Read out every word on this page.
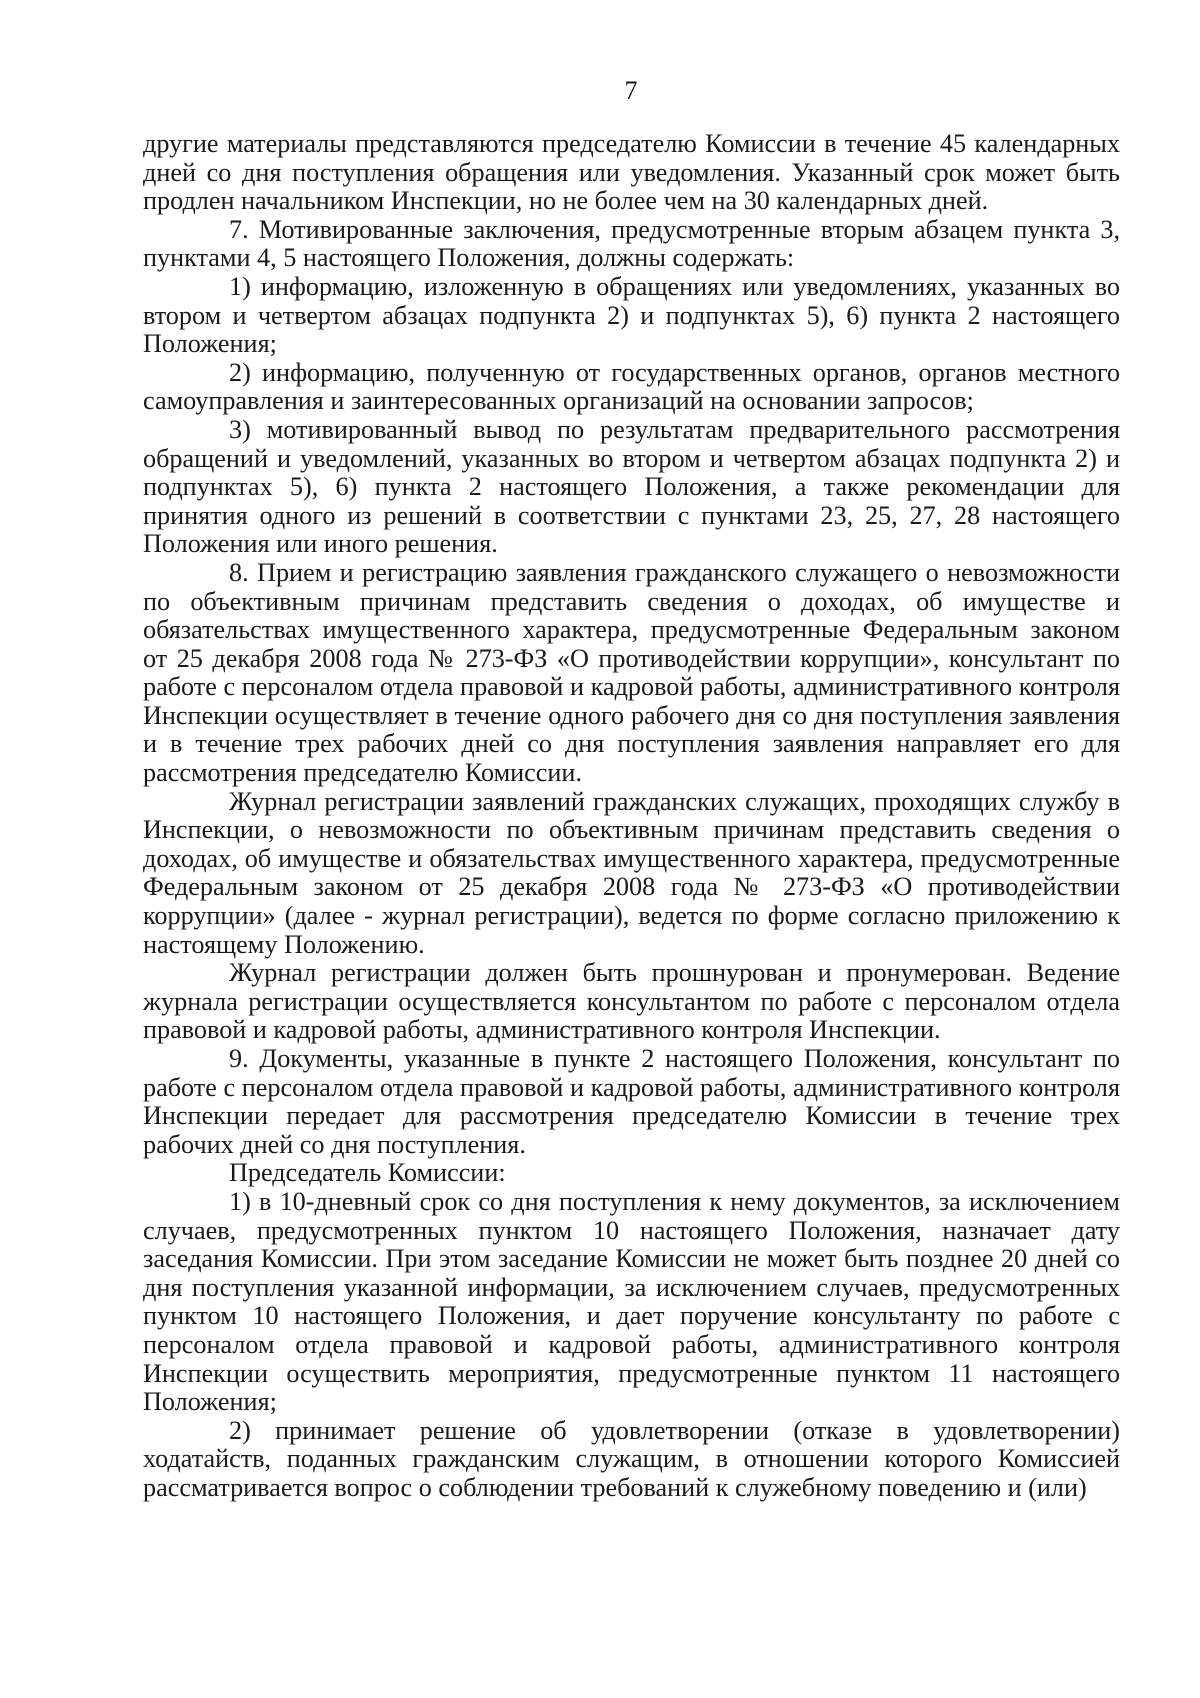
7

другие материалы представляются председателю Комиссии в течение 45 календарных дней со дня поступления обращения или уведомления. Указанный срок может быть продлен начальником Инспекции, но не более чем на 30 календарных дней.

7. Мотивированные заключения, предусмотренные вторым абзацем пункта 3, пунктами 4, 5 настоящего Положения, должны содержать:

1) информацию, изложенную в обращениях или уведомлениях, указанных во втором и четвертом абзацах подпункта 2) и подпунктах 5), 6) пункта 2 настоящего Положения;

2) информацию, полученную от государственных органов, органов местного самоуправления и заинтересованных организаций на основании запросов;

3) мотивированный вывод по результатам предварительного рассмотрения обращений и уведомлений, указанных во втором и четвертом абзацах подпункта 2) и подпунктах 5), 6) пункта 2 настоящего Положения, а также рекомендации для принятия одного из решений в соответствии с пунктами 23, 25, 27, 28 настоящего Положения или иного решения.

8. Прием и регистрацию заявления гражданского служащего о невозможности по объективным причинам представить сведения о доходах, об имуществе и обязательствах имущественного характера, предусмотренные Федеральным законом от 25 декабря 2008 года № 273-ФЗ «О противодействии коррупции», консультант по работе с персоналом отдела правовой и кадровой работы, административного контроля Инспекции осуществляет в течение одного рабочего дня со дня поступления заявления и в течение трех рабочих дней со дня поступления заявления направляет его для рассмотрения председателю Комиссии.

Журнал регистрации заявлений гражданских служащих, проходящих службу в Инспекции, о невозможности по объективным причинам представить сведения о доходах, об имуществе и обязательствах имущественного характера, предусмотренные Федеральным законом от 25 декабря 2008 года № 273-ФЗ «О противодействии коррупции» (далее - журнал регистрации), ведется по форме согласно приложению к настоящему Положению.

Журнал регистрации должен быть прошнурован и пронумерован. Ведение журнала регистрации осуществляется консультантом по работе с персоналом отдела правовой и кадровой работы, административного контроля Инспекции.

9. Документы, указанные в пункте 2 настоящего Положения, консультант по работе с персоналом отдела правовой и кадровой работы, административного контроля Инспекции передает для рассмотрения председателю Комиссии в течение трех рабочих дней со дня поступления.

Председатель Комиссии:

1) в 10-дневный срок со дня поступления к нему документов, за исключением случаев, предусмотренных пунктом 10 настоящего Положения, назначает дату заседания Комиссии. При этом заседание Комиссии не может быть позднее 20 дней со дня поступления указанной информации, за исключением случаев, предусмотренных пунктом 10 настоящего Положения, и дает поручение консультанту по работе с персоналом отдела правовой и кадровой работы, административного контроля Инспекции осуществить мероприятия, предусмотренные пунктом 11 настоящего Положения;

2) принимает решение об удовлетворении (отказе в удовлетворении) ходатайств, поданных гражданским служащим, в отношении которого Комиссией рассматривается вопрос о соблюдении требований к служебному поведению и (или)
